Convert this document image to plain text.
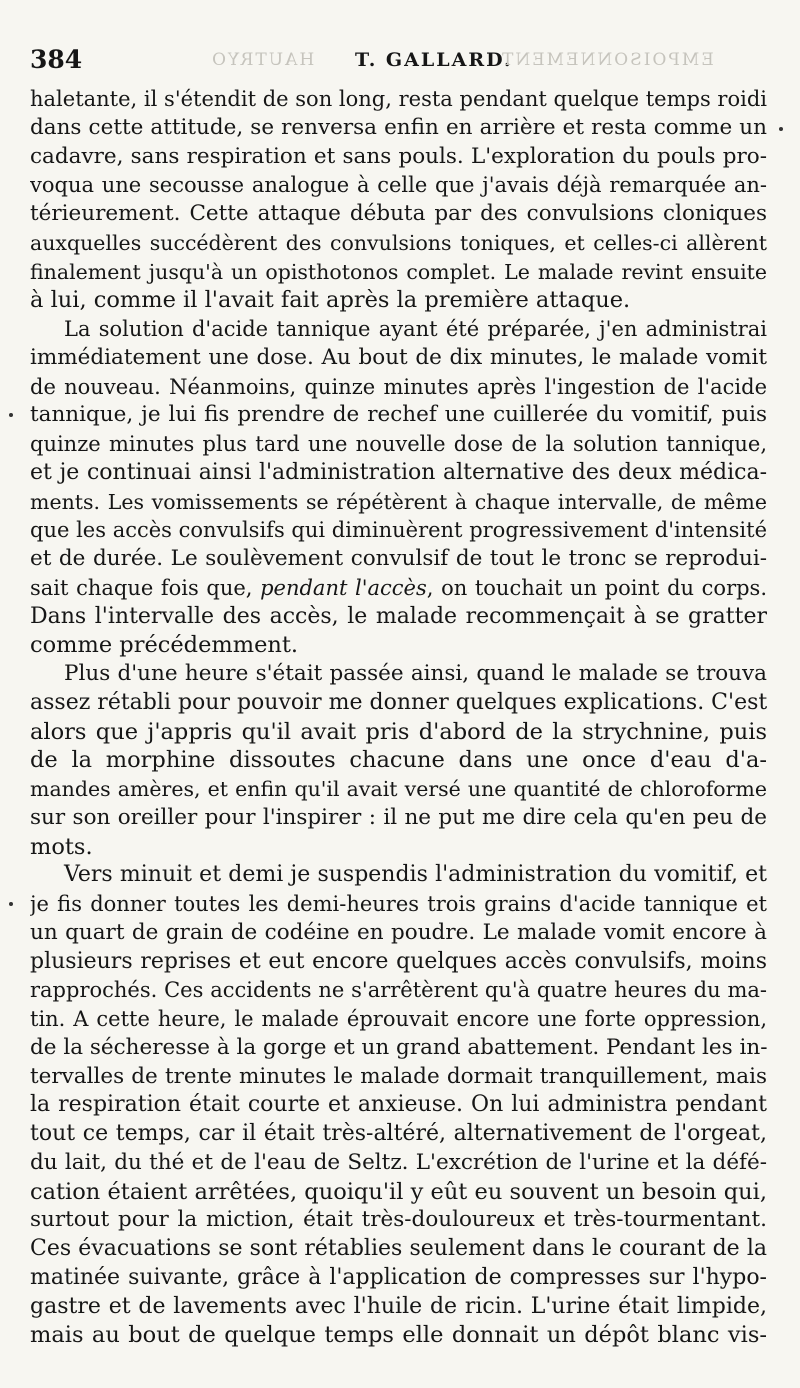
384	T. GALLARD.
HAUTRYO	EMPOISONNEMENT
haletante, il s'étendit de son long, resta pendant quelque temps roidi
dans cette attitude, se renversa enfin en arrière et resta comme un
cadavre, sans respiration et sans pouls. L'exploration du pouls pro-
voqua une secousse analogue à celle que j'avais déjà remarquée an-
térieurement. Cette attaque débuta par des convulsions cloniques
auxquelles succédèrent des convulsions toniques, et celles-ci allèrent
finalement jusqu'à un opisthotonos complet. Le malade revint ensuite
à lui, comme il l'avait fait après la première attaque.
La solution d'acide tannique ayant été préparée, j'en administrai
immédiatement une dose. Au bout de dix minutes, le malade vomit
de nouveau. Néanmoins, quinze minutes après l'ingestion de l'acide
tannique, je lui fis prendre de rechef une cuillerée du vomitif, puis
quinze minutes plus tard une nouvelle dose de la solution tannique,
et je continuai ainsi l'administration alternative des deux médica-
ments. Les vomissements se répétèrent à chaque intervalle, de même
que les accès convulsifs qui diminuèrent progressivement d'intensité
et de durée. Le soulèvement convulsif de tout le tronc se reprodui-
sait chaque fois que, pendant l'accès, on touchait un point du corps.
Dans l'intervalle des accès, le malade recommençait à se gratter
comme précédemment.
Plus d'une heure s'était passée ainsi, quand le malade se trouva
assez rétabli pour pouvoir me donner quelques explications. C'est
alors que j'appris qu'il avait pris d'abord de la strychnine, puis
de la morphine dissoutes chacune dans une once d'eau d'a-
mandes amères, et enfin qu'il avait versé une quantité de chloroforme
sur son oreiller pour l'inspirer : il ne put me dire cela qu'en peu de
mots.
Vers minuit et demi je suspendis l'administration du vomitif, et
je fis donner toutes les demi-heures trois grains d'acide tannique et
un quart de grain de codéine en poudre. Le malade vomit encore à
plusieurs reprises et eut encore quelques accès convulsifs, moins
rapprochés. Ces accidents ne s'arrêtèrent qu'à quatre heures du ma-
tin. A cette heure, le malade éprouvait encore une forte oppression,
de la sécheresse à la gorge et un grand abattement. Pendant les in-
tervalles de trente minutes le malade dormait tranquillement, mais
la respiration était courte et anxieuse. On lui administra pendant
tout ce temps, car il était très-altéré, alternativement de l'orgeat,
du lait, du thé et de l'eau de Seltz. L'excrétion de l'urine et la défé-
cation étaient arrêtées, quoiqu'il y eût eu souvent un besoin qui,
surtout pour la miction, était très-douloureux et très-tourmentant.
Ces évacuations se sont rétablies seulement dans le courant de la
matinée suivante, grâce à l'application de compresses sur l'hypo-
gastre et de lavements avec l'huile de ricin. L'urine était limpide,
mais au bout de quelque temps elle donnait un dépôt blanc vis-
